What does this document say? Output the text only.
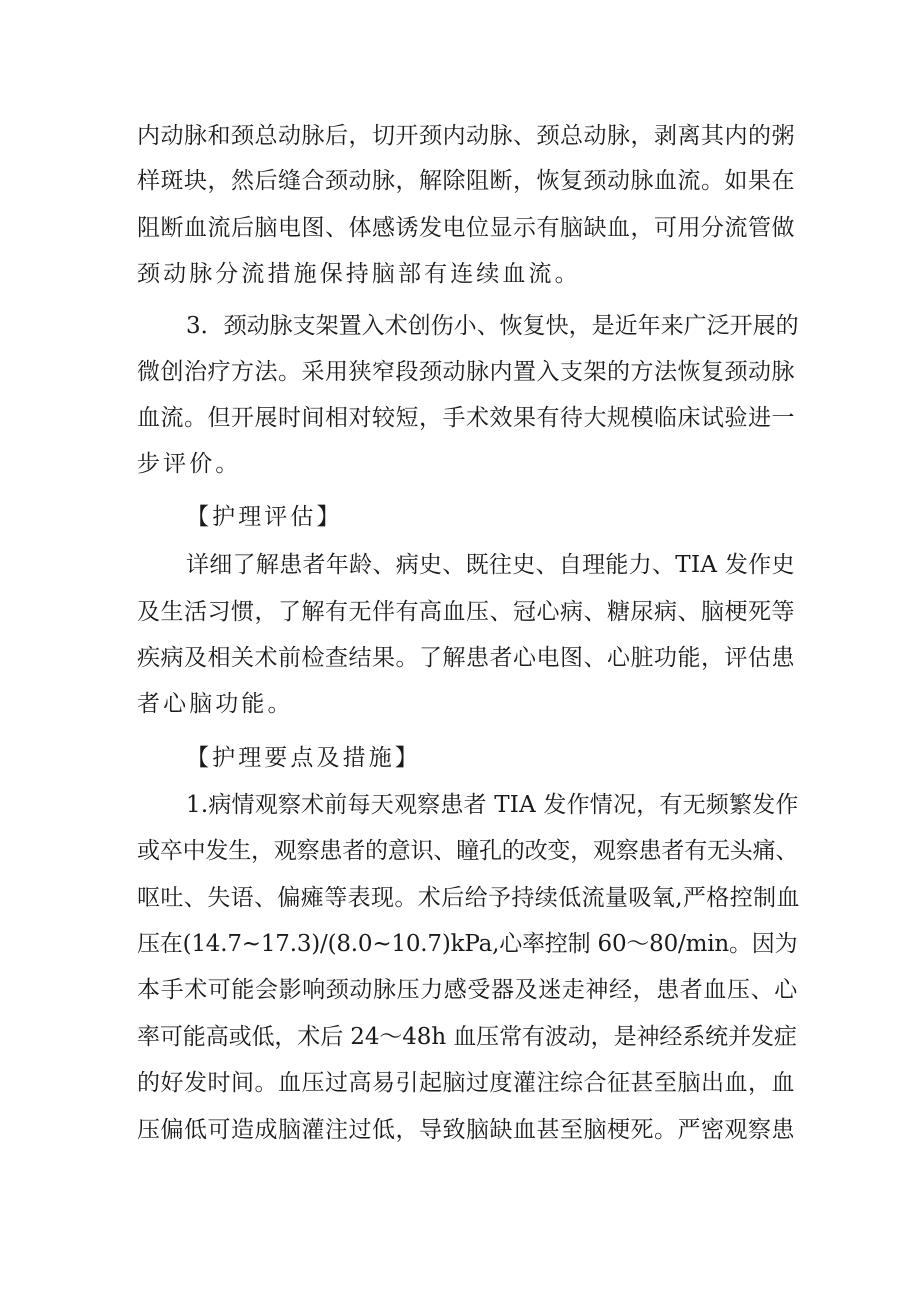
内动脉和颈总动脉后，切开颈内动脉、颈总动脉，剥离其内的粥
样斑块，然后缝合颈动脉，解除阻断，恢复颈动脉血流。如果在
阻断血流后脑电图、体感诱发电位显示有脑缺血，可用分流管做
颈动脉分流措施保持脑部有连续血流。
3．颈动脉支架置入术创伤小、恢复快，是近年来广泛开展的
微创治疗方法。采用狭窄段颈动脉内置入支架的方法恢复颈动脉
血流。但开展时间相对较短，手术效果有待大规模临床试验进一
步评价。
【护理评估】
详细了解患者年龄、病史、既往史、自理能力、TIA 发作史
及生活习惯，了解有无伴有高血压、冠心病、糖尿病、脑梗死等
疾病及相关术前检查结果。了解患者心电图、心脏功能，评估患
者心脑功能。
【护理要点及措施】
1.病情观察术前每天观察患者 TIA 发作情况，有无频繁发作
或卒中发生，观察患者的意识、瞳孔的改变，观察患者有无头痛、
呕吐、失语、偏瘫等表现。术后给予持续低流量吸氧,严格控制血
压在(14.7~17.3)/(8.0~10.7)kPa,心率控制 60～80/min。因为
本手术可能会影响颈动脉压力感受器及迷走神经，患者血压、心
率可能高或低，术后 24～48h 血压常有波动，是神经系统并发症
的好发时间。血压过高易引起脑过度灌注综合征甚至脑出血，血
压偏低可造成脑灌注过低，导致脑缺血甚至脑梗死。严密观察患
